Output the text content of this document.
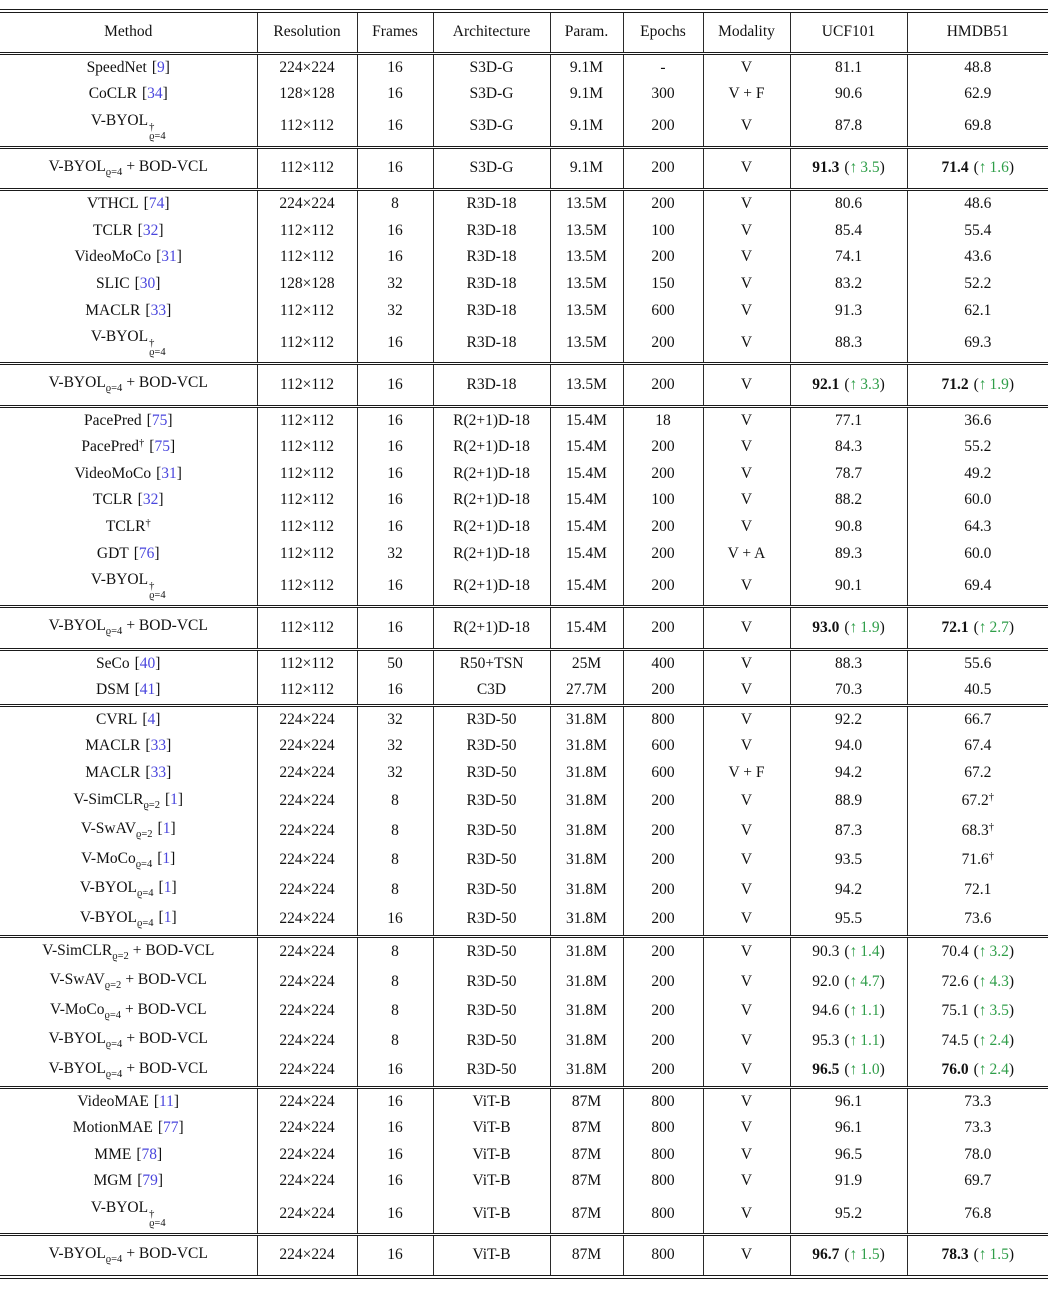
Method	Resolution	Frames	Architecture	Param.	Epochs	Modality	UCF101	HMDB51
SpeedNet [9]	224×224	16	S3D-G	9.1M	-	V	81.1	48.8
CoCLR [34]	128×128	16	S3D-G	9.1M	300	V + F	90.6	62.9
V-BYOL †
ϱ=4	112×112	16	S3D-G	9.1M	200	V	87.8	69.8
$V-BYOL_{ϱ=4} + BOD-VCL$	112×112	16	S3D-G	9.1M	200	V	91.3 (↑ 3.5)	71.4 (↑ 1.6)
VTHCL [74]	224×224	8	R3D-18	13.5M	200	V	80.6	48.6
TCLR [32]	112×112	16	R3D-18	13.5M	100	V	85.4	55.4
VideoMoCo [31]	112×112	16	R3D-18	13.5M	200	V	74.1	43.6
SLIC [30]	128×128	32	R3D-18	13.5M	150	V	83.2	52.2
MACLR [33]	112×112	32	R3D-18	13.5M	600	V	91.3	62.1
V-BYOL †
ϱ=4	112×112	16	R3D-18	13.5M	200	V	88.3	69.3
$V-BYOL_{ϱ=4} + BOD-VCL$	112×112	16	R3D-18	13.5M	200	V	92.1 (↑ 3.3)	71.2 (↑ 1.9)
PacePred [75]	112×112	16	R(2+1)D-18	15.4M	18	V	77.1	36.6
PacePred† [75]	112×112	16	R(2+1)D-18	15.4M	200	V	84.3	55.2
VideoMoCo [31]	112×112	16	R(2+1)D-18	15.4M	200	V	78.7	49.2
TCLR [32]	112×112	16	R(2+1)D-18	15.4M	100	V	88.2	60.0
TCLR†	112×112	16	R(2+1)D-18	15.4M	200	V	90.8	64.3
GDT [76]	112×112	32	R(2+1)D-18	15.4M	200	V + A	89.3	60.0
V-BYOL †
ϱ=4	112×112	16	R(2+1)D-18	15.4M	200	V	90.1	69.4
$V-BYOL_{ϱ=4} + BOD-VCL$	112×112	16	R(2+1)D-18	15.4M	200	V	93.0 (↑ 1.9)	72.1 (↑ 2.7)
SeCo [40]	112×112	50	R50+TSN	25M	400	V	88.3	55.6
DSM [41]	112×112	16	C3D	27.7M	200	V	70.3	40.5
CVRL [4]	224×224	32	R3D-50	31.8M	800	V	92.2	66.7
MACLR [33]	224×224	32	R3D-50	31.8M	600	V	94.0	67.4
MACLR [33]	224×224	32	R3D-50	31.8M	600	V + F	94.2	67.2
V-SimCLR$_{ϱ=2}$ [1]	224×224	8	R3D-50	31.8M	200	V	88.9	67.2†
V-SwAV$_{ϱ=2}$ [1]	224×224	8	R3D-50	31.8M	200	V	87.3	68.3†
V-MoCo$_{ϱ=4}$ [1]	224×224	8	R3D-50	31.8M	200	V	93.5	71.6†
$V-BYOL_{ϱ=4}$ [1]	224×224	8	R3D-50	31.8M	200	V	94.2	72.1
$V-BYOL_{ϱ=4}$ [1]	224×224	16	R3D-50	31.8M	200	V	95.5	73.6
V-SimCLR$_{ϱ=2}$ + BOD-VCL	224×224	8	R3D-50	31.8M	200	V	90.3 (↑ 1.4)	70.4 (↑ 3.2)
V-SwAV$_{ϱ=2}$ + BOD-VCL	224×224	8	R3D-50	31.8M	200	V	92.0 (↑ 4.7)	72.6 (↑ 4.3)
V-MoCo$_{ϱ=4}$ + BOD-VCL	224×224	8	R3D-50	31.8M	200	V	94.6 (↑ 1.1)	75.1 (↑ 3.5)
$V-BYOL_{ϱ=4} + BOD-VCL$	224×224	8	R3D-50	31.8M	200	V	95.3 (↑ 1.1)	74.5 (↑ 2.4)
$V-BYOL_{ϱ=4} + BOD-VCL$	224×224	16	R3D-50	31.8M	200	V	96.5 (↑ 1.0)	76.0 (↑ 2.4)
VideoMAE [11]	224×224	16	ViT-B	87M	800	V	96.1	73.3
MotionMAE [77]	224×224	16	ViT-B	87M	800	V	96.1	73.3
MME [78]	224×224	16	ViT-B	87M	800	V	96.5	78.0
MGM [79]	224×224	16	ViT-B	87M	800	V	91.9	69.7
V-BYOL †
ϱ=4	224×224	16	ViT-B	87M	800	V	95.2	76.8
$V-BYOL_{ϱ=4} + BOD-VCL$	224×224	16	ViT-B	87M	800	V	96.7 (↑ 1.5)	78.3 (↑ 1.5)
